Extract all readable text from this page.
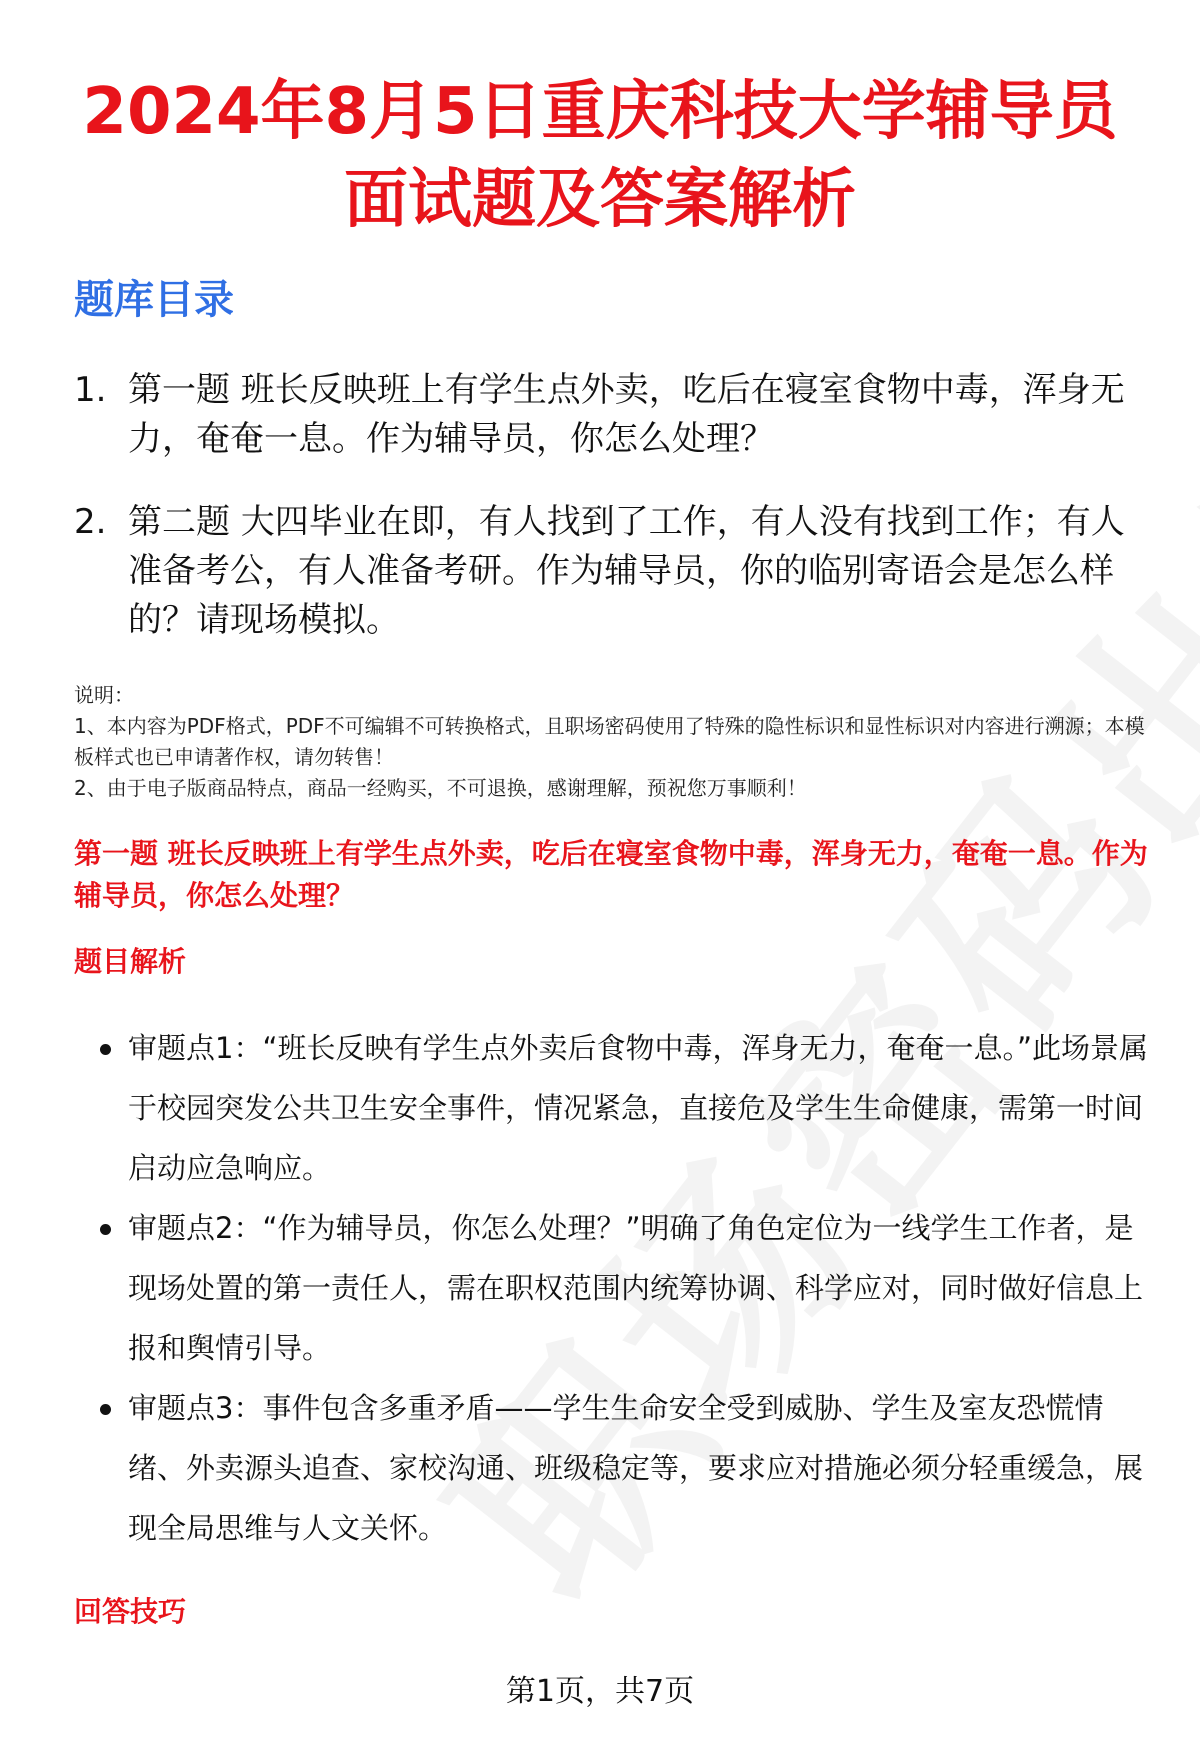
2024年8月5日重庆科技大学辅导员面试题及答案解析
题库目录
1. 第一题 班长反映班上有学生点外卖，吃后在寝室食物中毒，浑身无力，奄奄一息。作为辅导员，你怎么处理？
2. 第二题 大四毕业在即，有人找到了工作，有人没有找到工作；有人准备考公，有人准备考研。作为辅导员，你的临别寄语会是怎么样的？请现场模拟。
说明：
1、本内容为PDF格式，PDF不可编辑不可转换格式，且职场密码使用了特殊的隐性标识和显性标识对内容进行溯源；本模板样式也已申请著作权，请勿转售！
2、由于电子版商品特点，商品一经购买，不可退换，感谢理解，预祝您万事顺利！
第一题 班长反映班上有学生点外卖，吃后在寝室食物中毒，浑身无力，奄奄一息。作为辅导员，你怎么处理？
题目解析
审题点1：“班长反映有学生点外卖后食物中毒，浑身无力，奄奄一息。”此场景属于校园突发公共卫生安全事件，情况紧急，直接危及学生生命健康，需第一时间启动应急响应。
审题点2：“作为辅导员，你怎么处理？”明确了角色定位为一线学生工作者，是现场处置的第一责任人，需在职权范围内统筹协调、科学应对，同时做好信息上报和舆情引导。
审题点3：事件包含多重矛盾——学生生命安全受到威胁、学生及室友恐慌情绪、外卖源头追查、家校沟通、班级稳定等，要求应对措施必须分轻重缓急，展现全局思维与人文关怀。
回答技巧
第1页，共7页
